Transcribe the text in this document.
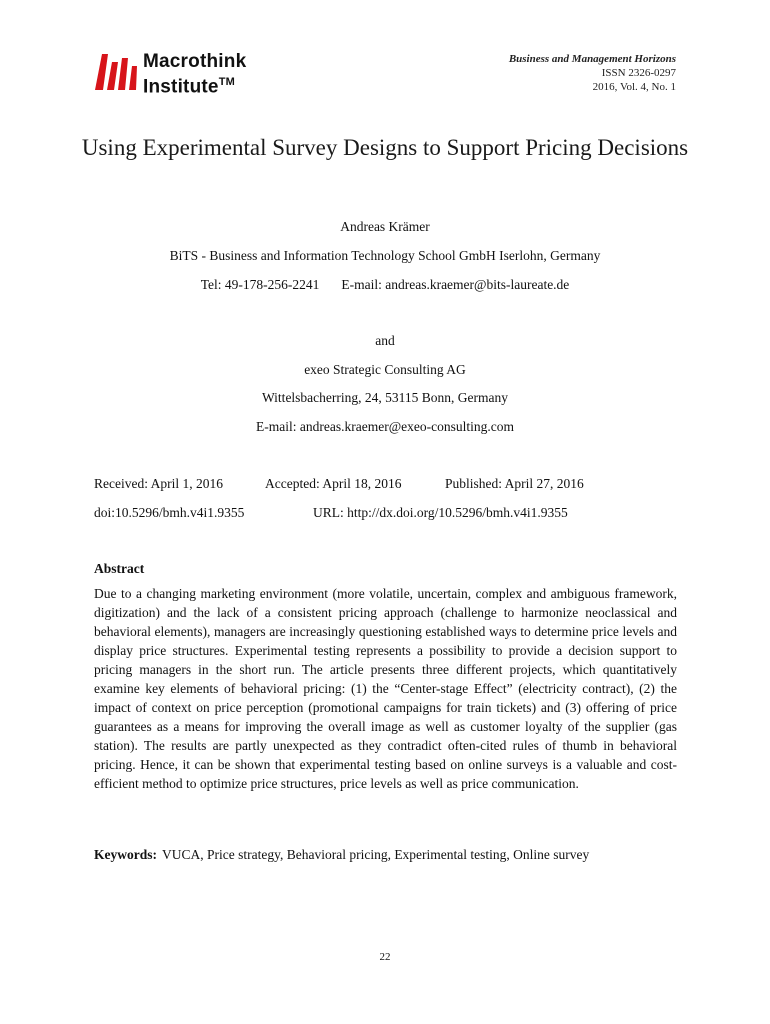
Macrothink
Institute™
Business and Management Horizons
ISSN 2326-0297
2016, Vol. 4, No. 1
Using Experimental Survey Designs to Support Pricing Decisions
Andreas Krämer
BiTS - Business and Information Technology School GmbH Iserlohn, Germany
Tel: 49-178-256-2241 E-mail: andreas.kraemer@bits-laureate.de
and
exeo Strategic Consulting AG
Wittelsbacherring, 24, 53115 Bonn, Germany
E-mail: andreas.kraemer@exeo-consulting.com
Received: April 1, 2016	Accepted: April 18, 2016	Published: April 27, 2016
doi:10.5296/bmh.v4i1.9355	URL: http://dx.doi.org/10.5296/bmh.v4i1.9355
Abstract

Due to a changing marketing environment (more volatile, uncertain, complex and ambiguous framework, digitization) and the lack of a consistent pricing approach (challenge to harmonize neoclassical and behavioral elements), managers are increasingly questioning established ways to determine price levels and display price structures. Experimental testing represents a possibility to provide a decision support to pricing managers in the short run. The article presents three different projects, which quantitatively examine key elements of behavioral pricing: (1) the “Center-stage Effect” (electricity contract), (2) the impact of context on price perception (promotional campaigns for train tickets) and (3) offering of price guarantees as a means for improving the overall image as well as customer loyalty of the supplier (gas station). The results are partly unexpected as they contradict often-cited rules of thumb in behavioral pricing. Hence, it can be shown that experimental testing based on online surveys is a valuable and cost-efficient method to optimize price structures, price levels as well as price communication.

Keywords: VUCA, Price strategy, Behavioral pricing, Experimental testing, Online survey
22
